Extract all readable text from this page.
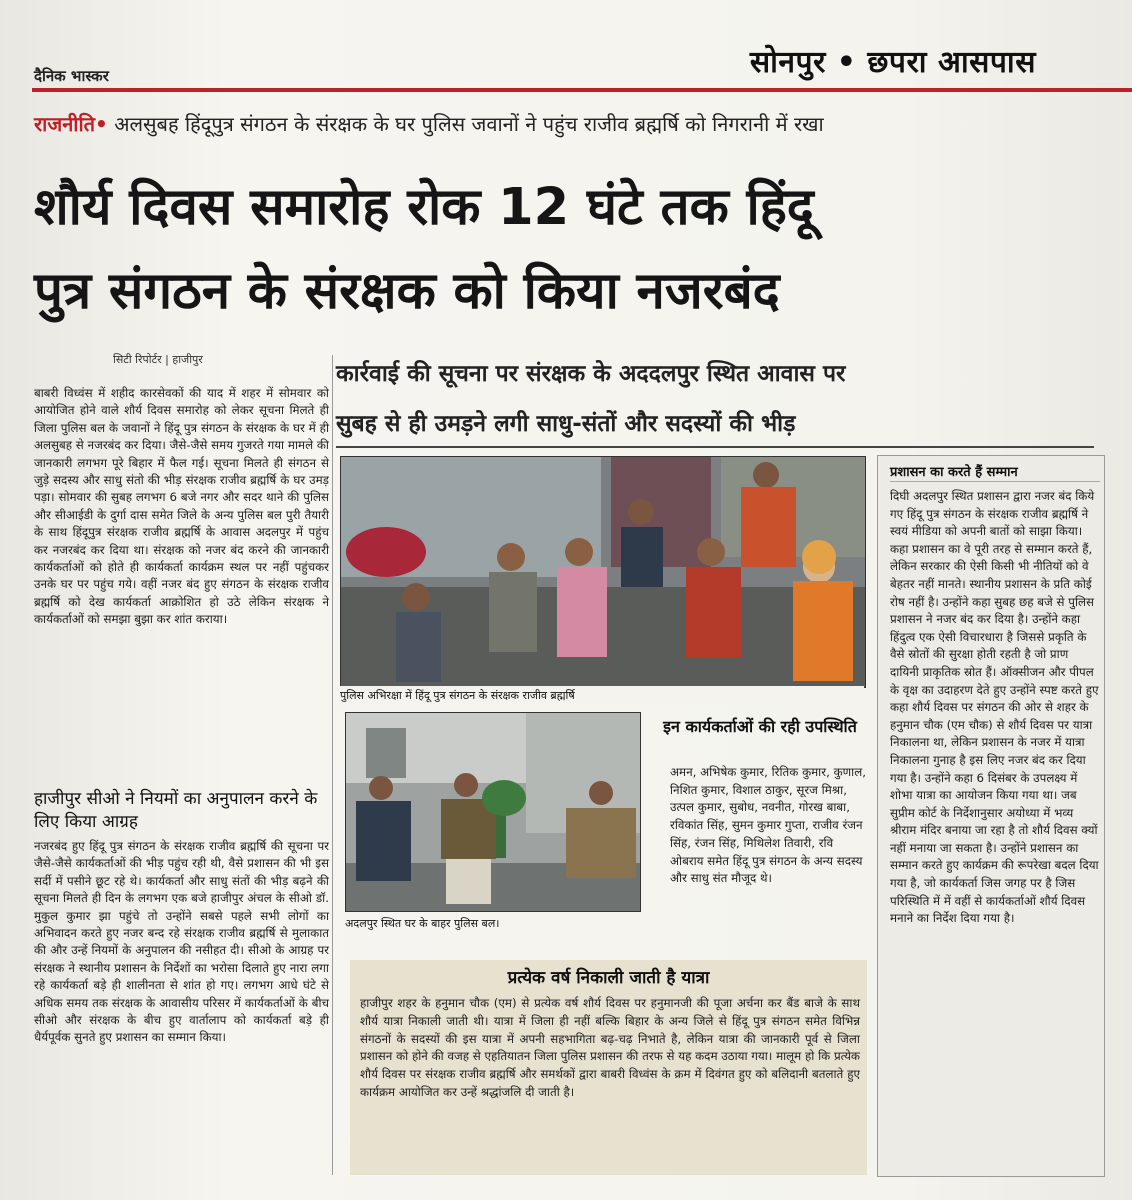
दैनिक भास्कर	सोनपुर • छपरा आसपास
राजनीति• अलसुबह हिंदूपुत्र संगठन के संरक्षक के घर पुलिस जवानों ने पहुंच राजीव ब्रह्मर्षि को निगरानी में रखा
शौर्य दिवस समारोह रोक 12 घंटे तक हिंदू
पुत्र संगठन के संरक्षक को किया नजरबंद
सिटी रिपोर्टर | हाजीपुर
कार्रवाई की सूचना पर संरक्षक के अददलपुर स्थित आवास पर
सुबह से ही उमड़ने लगी साधु-संतों और सदस्यों की भीड़

बाबरी विध्वंस में शहीद कारसेवकों की याद में शहर में सोमवार को आयोजित होने वाले शौर्य दिवस समारोह को लेकर सूचना मिलते ही जिला पुलिस बल के जवानों ने हिंदू पुत्र संगठन के संरक्षक के घर में ही अलसुबह से नजरबंद कर दिया। जैसे-जैसे समय गुजरते गया मामले की जानकारी लगभग पूरे बिहार में फैल गई। सूचना मिलते ही संगठन से जुड़े सदस्य और साधु संतो की भीड़ संरक्षक राजीव ब्रह्मर्षि के घर उमड़ पड़ा। सोमवार की सुबह लगभग 6 बजे नगर और सदर थाने की पुलिस और सीआईडी के दुर्गा दास समेत जिले के अन्य पुलिस बल पुरी तैयारी के साथ हिंदूपुत्र संरक्षक राजीव ब्रह्मर्षि के आवास अदलपुर में पहुंच कर नजरबंद कर दिया था। संरक्षक को नजर बंद करने की जानकारी कार्यकर्ताओं को होते ही कार्यकर्ता कार्यक्रम स्थल पर नहीं पहुंचकर उनके घर पर पहुंच गये। वहीं नजर बंद हुए संगठन के संरक्षक राजीव ब्रह्मर्षि को देख कार्यकर्ता आक्रोशित हो उठे लेकिन संरक्षक ने कार्यकर्ताओं को समझा बुझा कर शांत कराया।

हाजीपुर सीओ ने नियमों का अनुपालन करने के लिए किया आग्रह

नजरबंद हुए हिंदू पुत्र संगठन के संरक्षक राजीव ब्रह्मर्षि की सूचना पर जैसे-जैसे कार्यकर्ताओं की भीड़ पहुंच रही थी, वैसे प्रशासन की भी इस सर्दी में पसीने छूट रहे थे। कार्यकर्ता और साधु संतों की भीड़ बढ़ने की सूचना मिलते ही दिन के लगभग एक बजे हाजीपुर अंचल के सीओ डॉ. मुकुल कुमार झा पहुंचे तो उन्होंने सबसे पहले सभी लोगों का अभिवादन करते हुए नजर बन्द रहे संरक्षक राजीव ब्रह्मर्षि से मुलाकात की और उन्हें नियमों के अनुपालन की नसीहत दी। सीओ के आग्रह पर संरक्षक ने स्थानीय प्रशासन के निर्देशों का भरोसा दिलाते हुए नारा लगा रहे कार्यकर्ता बड़े ही शालीनता से शांत हो गए। लगभग आधे घंटे से अधिक समय तक संरक्षक के आवासीय परिसर में कार्यकर्ताओं के बीच सीओ और संरक्षक के बीच हुए वार्तालाप को कार्यकर्ता बड़े ही धैर्यपूर्वक सुनते हुए प्रशासन का सम्मान किया।

पुलिस अभिरक्षा में हिंदू पुत्र संगठन के संरक्षक राजीव ब्रह्मर्षि
अदलपुर स्थित घर के बाहर पुलिस बल।
इन कार्यकर्ताओं की रही उपस्थिति
अमन, अभिषेक कुमार, रितिक कुमार, कुणाल, निशित कुमार, विशाल ठाकुर, सूरज मिश्रा, उत्पल कुमार, सुबोध, नवनीत, गोरख बाबा, रविकांत सिंह, सुमन कुमार गुप्ता, राजीव रंजन सिंह, रंजन सिंह, मिथिलेश तिवारी, रवि ओबराय समेत हिंदू पुत्र संगठन के अन्य सदस्य और साधु संत मौजूद थे।
प्रशासन का करते हैं सम्मान

दिघी अदलपुर स्थित प्रशासन द्वारा नजर बंद किये गए हिंदू पुत्र संगठन के संरक्षक राजीव ब्रह्मर्षि ने स्वयं मीडिया को अपनी बातों को साझा किया। कहा प्रशासन का वे पूरी तरह से सम्मान करते हैं, लेकिन सरकार की ऐसी किसी भी नीतियों को वे बेहतर नहीं मानते। स्थानीय प्रशासन के प्रति कोई रोष नहीं है। उन्होंने कहा सुबह छह बजे से पुलिस प्रशासन ने नजर बंद कर दिया है। उन्होंने कहा हिंदुत्व एक ऐसी विचारधारा है जिससे प्रकृति के वैसे स्रोतों की सुरक्षा होती रहती है जो प्राण दायिनी प्राकृतिक स्रोत हैं। ऑक्सीजन और पीपल के वृक्ष का उदाहरण देते हुए उन्होंने स्पष्ट करते हुए कहा शौर्य दिवस पर संगठन की ओर से शहर के हनुमान चौक (एम चौक) से शौर्य दिवस पर यात्रा निकालना था, लेकिन प्रशासन के नजर में यात्रा निकालना गुनाह है इस लिए नजर बंद कर दिया गया है। उन्होंने कहा 6 दिसंबर के उपलक्ष्य में शोभा यात्रा का आयोजन किया गया था। जब सुप्रीम कोर्ट के निर्देशानुसार अयोध्या में भव्य श्रीराम मंदिर बनाया जा रहा है तो शौर्य दिवस क्यों नहीं मनाया जा सकता है। उन्होंने प्रशासन का सम्मान करते हुए कार्यक्रम की रूपरेखा बदल दिया गया है, जो कार्यकर्ता जिस जगह पर है जिस परिस्थिति में में वहीं से कार्यकर्ताओं शौर्य दिवस मनाने का निर्देश दिया गया है।

प्रत्येक वर्ष निकाली जाती है यात्रा

हाजीपुर शहर के हनुमान चौक (एम) से प्रत्येक वर्ष शौर्य दिवस पर हनुमानजी की पूजा अर्चना कर बैंड बाजे के साथ शौर्य यात्रा निकाली जाती थी। यात्रा में जिला ही नहीं बल्कि बिहार के अन्य जिले से हिंदू पुत्र संगठन समेत विभिन्न संगठनों के सदस्यों की इस यात्रा में अपनी सहभागिता बढ़-चढ़ निभाते है, लेकिन यात्रा की जानकारी पूर्व से जिला प्रशासन को होने की वजह से एहतियातन जिला पुलिस प्रशासन की तरफ से यह कदम उठाया गया। मालूम हो कि प्रत्येक शौर्य दिवस पर संरक्षक राजीव ब्रह्मर्षि और समर्थकों द्वारा बाबरी विध्वंस के क्रम में दिवंगत हुए को बलिदानी बतलाते हुए कार्यक्रम आयोजित कर उन्हें श्रद्धांजलि दी जाती है।
